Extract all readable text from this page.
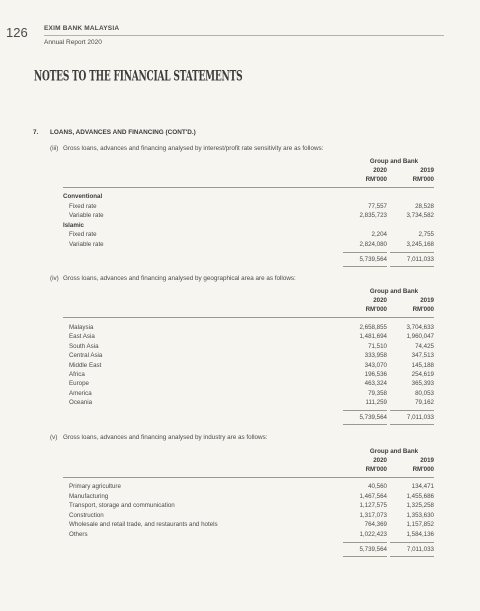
126	EXIM BANK MALAYSIA
Annual Report 2020
NOTES TO THE FINANCIAL STATEMENTS
7. LOANS, ADVANCES AND FINANCING (CONT'D.)
(iii) Gross loans, advances and financing analysed by interest/profit rate sensitivity are as follows:
Group and Bank
2020	2019
RM'000	RM'000
Conventional
Fixed rate	77,557	28,528
Variable rate	2,835,723	3,734,582
Islamic
Fixed rate	2,204	2,755
Variable rate	2,824,080	3,245,168
5,739,564	7,011,033
(iv) Gross loans, advances and financing analysed by geographical area are as follows:
Group and Bank
2020	2019
RM'000	RM'000
Malaysia	2,658,855	3,704,633
East Asia	1,481,694	1,960,047
South Asia	71,510	74,425
Central Asia	333,958	347,513
Middle East	343,070	145,188
Africa	196,536	254,619
Europe	463,324	365,393
America	79,358	80,053
Oceania	111,259	79,162
5,739,564	7,011,033
(v) Gross loans, advances and financing analysed by industry are as follows:
Group and Bank
2020	2019
RM'000	RM'000
Primary agriculture	40,560	134,471
Manufacturing	1,467,564	1,455,686
Transport, storage and communication	1,127,575	1,325,258
Construction	1,317,073	1,353,630
Wholesale and retail trade, and restaurants and hotels	764,369	1,157,852
Others	1,022,423	1,584,136
5,739,564	7,011,033
